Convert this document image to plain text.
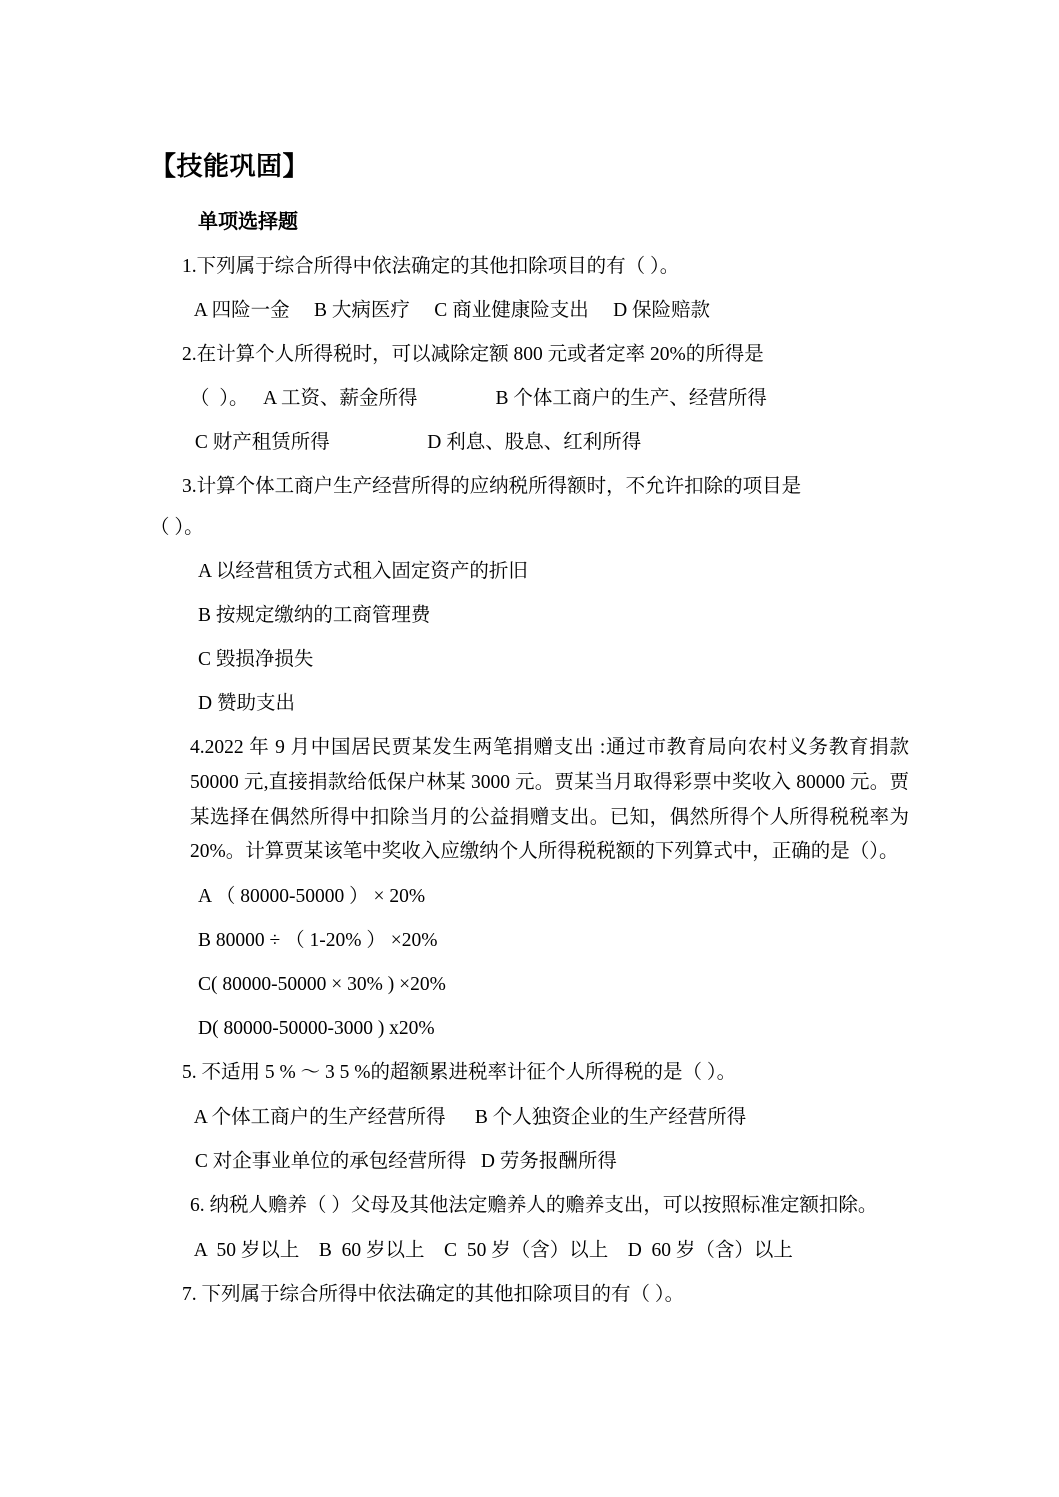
【技能巩固】
单项选择题
1.下列属于综合所得中依法确定的其他扣除项目的有（ ）。
A 四险一金     B 大病医疗     C 商业健康险支出     D 保险赔款
2.在计算个人所得税时，可以减除定额 800 元或者定率 20%的所得是
（  ）。   A 工资、薪金所得                B 个体工商户的生产、经营所得
C 财产租赁所得                    D 利息、股息、红利所得
3.计算个体工商户生产经营所得的应纳税所得额时，不允许扣除的项目是
（ ）。
A 以经营租赁方式租入固定资产的折旧
B 按规定缴纳的工商管理费
C 毁损净损失
D 赞助支出
4.2022 年 9 月中国居民贾某发生两笔捐赠支出 :通过市教育局向农村义务教育捐款 50000 元,直接捐款给低保户林某 3000 元。贾某当月取得彩票中奖收入 80000 元。贾某选择在偶然所得中扣除当月的公益捐赠支出。已知，偶然所得个人所得税税率为 20%。计算贾某该笔中奖收入应缴纳个人所得税税额的下列算式中，正确的是（）。
A （ 80000-50000 ） × 20%
B 80000 ÷ （ 1-20% ） ×20%
C( 80000-50000 × 30% ) ×20%
D( 80000-50000-3000 ) x20%
5. 不适用 5 % ～ 3 5 %的超额累进税率计征个人所得税的是（ ）。
A 个体工商户的生产经营所得      B 个人独资企业的生产经营所得
C 对企事业单位的承包经营所得   D 劳务报酬所得
6. 纳税人赡养（ ）父母及其他法定赡养人的赡养支出，可以按照标准定额扣除。
A  50 岁以上    B  60 岁以上    C  50 岁（含）以上    D  60 岁（含）以上
7. 下列属于综合所得中依法确定的其他扣除项目的有（ ）。
